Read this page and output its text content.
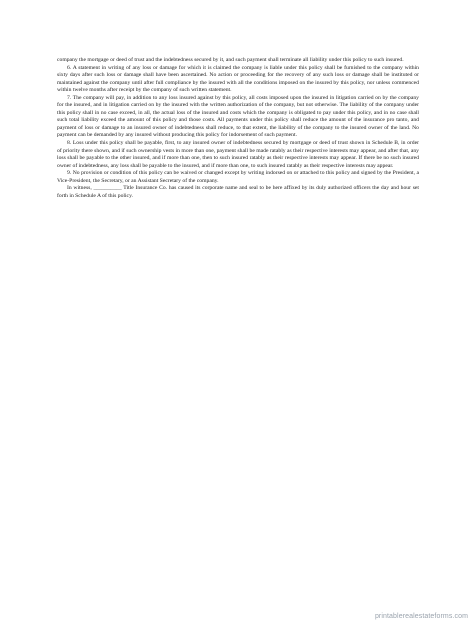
company the mortgage or deed of trust and the indebtedness secured by it, and such payment shall terminate all liability under this policy to such insured.

6. A statement in writing of any loss or damage for which it is claimed the company is liable under this policy shall be furnished to the company within sixty days after such loss or damage shall have been ascertained. No action or proceeding for the recovery of any such loss or damage shall be instituted or maintained against the company until after full compliance by the insured with all the conditions imposed on the insured by this policy, nor unless commenced within twelve months after receipt by the company of such written statement.

7. The company will pay, in addition to any loss insured against by this policy, all costs imposed upon the insured in litigation carried on by the company for the insured, and in litigation carried on by the insured with the written authorization of the company, but not otherwise. The liability of the company under this policy shall in no case exceed, in all, the actual loss of the insured and costs which the company is obligated to pay under this policy, and in no case shall such total liability exceed the amount of this policy and those costs. All payments under this policy shall reduce the amount of the insurance pro tanto, and payment of loss or damage to an insured owner of indebtedness shall reduce, to that extent, the liability of the company to the insured owner of the land. No payment can be demanded by any insured without producing this policy for indorsement of such payment.

8. Loss under this policy shall be payable, first, to any insured owner of indebtedness secured by mortgage or deed of trust shown in Schedule B, in order of priority there shown, and if such ownership vests in more than one, payment shall be made ratably as their respective interests may appear, and after that, any loss shall be payable to the other insured, and if more than one, then to such insured ratably as their respective interests may appear. If there be no such insured owner of indebtedness, any loss shall be payable to the insured, and if more than one, to such insured ratably as their respective interests may appear.

9. No provision or condition of this policy can be waived or changed except by writing indorsed on or attached to this policy and signed by the President, a Vice-President, the Secretary, or an Assistant Secretary of the company.

In witness, __________ Title Insurance Co. has caused its corporate name and seal to be here affixed by its duly authorized officers the day and hour set forth in Schedule A of this policy.

printablerealestateforms.com
